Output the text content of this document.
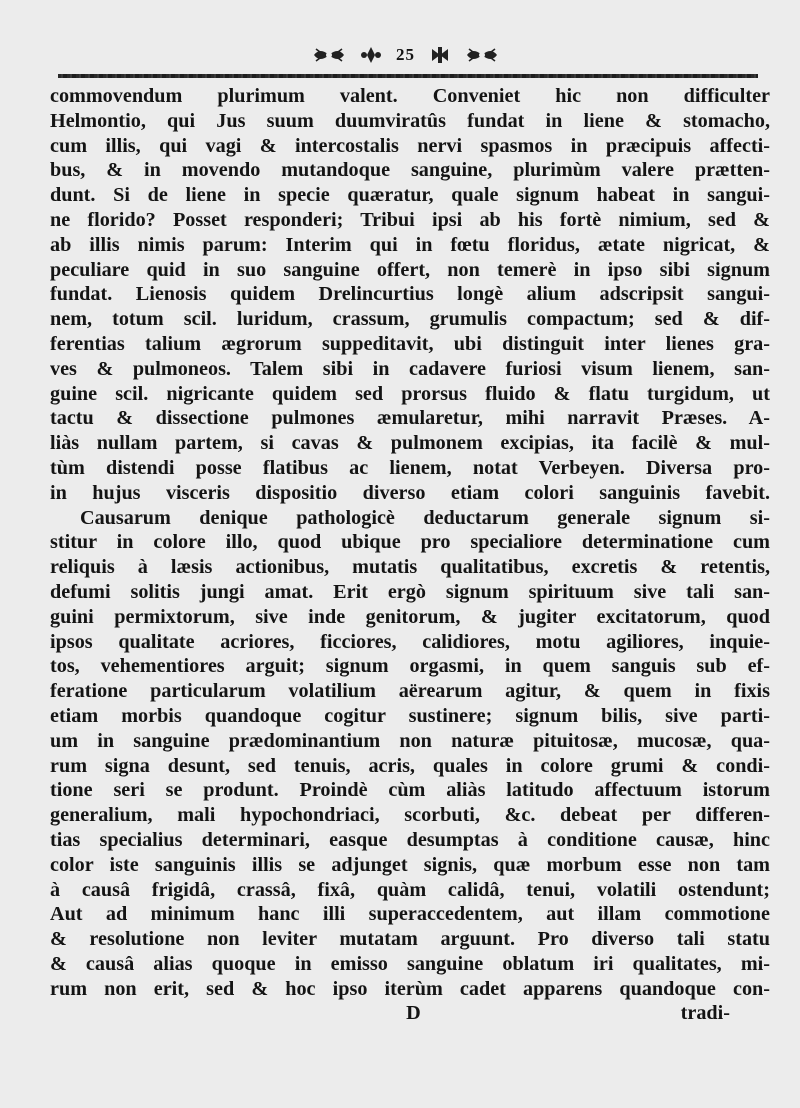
25
commovendum plurimum valent. Conveniet hic non difficulter
Helmontio, qui Jus suum duumviratûs fundat in liene & stomacho,
cum illis, qui vagi & intercostalis nervi spasmos in præcipuis affecti-
bus, & in movendo mutandoque sanguine, plurimùm valere prætten-
dunt. Si de liene in specie quæratur, quale signum habeat in sangui-
ne florido? Posset responderi; Tribui ipsi ab his fortè nimium, sed &
ab illis nimis parum: Interim qui in fœtu floridus, ætate nigricat, &
peculiare quid in suo sanguine offert, non temerè in ipso sibi signum
fundat. Lienosis quidem Drelincurtius longè alium adscripsit sangui-
nem, totum scil. luridum, crassum, grumulis compactum; sed & dif-
ferentias talium ægrorum suppeditavit, ubi distinguit inter lienes gra-
ves & pulmoneos. Talem sibi in cadavere furiosi visum lienem, san-
guine scil. nigricante quidem sed prorsus fluido & flatu turgidum, ut
tactu & dissectione pulmones æmularetur, mihi narravit Præses. A-
liàs nullam partem, si cavas & pulmonem excipias, ita facilè & mul-
tùm distendi posse flatibus ac lienem, notat Verbeyen. Diversa pro-
in hujus visceris dispositio diverso etiam colori sanguinis favebit.
Causarum denique pathologicè deductarum generale signum si-
stitur in colore illo, quod ubique pro specialiore determinatione cum
reliquis à læsis actionibus, mutatis qualitatibus, excretis & retentis,
defumi solitis jungi amat. Erit ergò signum spirituum sive tali san-
guini permixtorum, sive inde genitorum, & jugiter excitatorum, quod
ipsos qualitate acriores, ficciores, calidiores, motu agiliores, inquie-
tos, vehementiores arguit; signum orgasmi, in quem sanguis sub ef-
feratione particularum volatilium aërearum agitur, & quem in fixis
etiam morbis quandoque cogitur sustinere; signum bilis, sive parti-
um in sanguine prædominantium non naturæ pituitosæ, mucosæ, qua-
rum signa desunt, sed tenuis, acris, quales in colore grumi & condi-
tione seri se produnt. Proindè cùm aliàs latitudo affectuum istorum
generalium, mali hypochondriaci, scorbuti, &c. debeat per differen-
tias specialius determinari, easque desumptas à conditione causæ, hinc
color iste sanguinis illis se adjunget signis, quæ morbum esse non tam
à causâ frigidâ, crassâ, fixâ, quàm calidâ, tenui, volatili ostendunt;
Aut ad minimum hanc illi superaccedentem, aut illam commotione
& resolutione non leviter mutatam arguunt. Pro diverso tali statu
& causâ alias quoque in emisso sanguine oblatum iri qualitates, mi-
rum non erit, sed & hoc ipso iterùm cadet apparens quandoque con-
D	tradi-
